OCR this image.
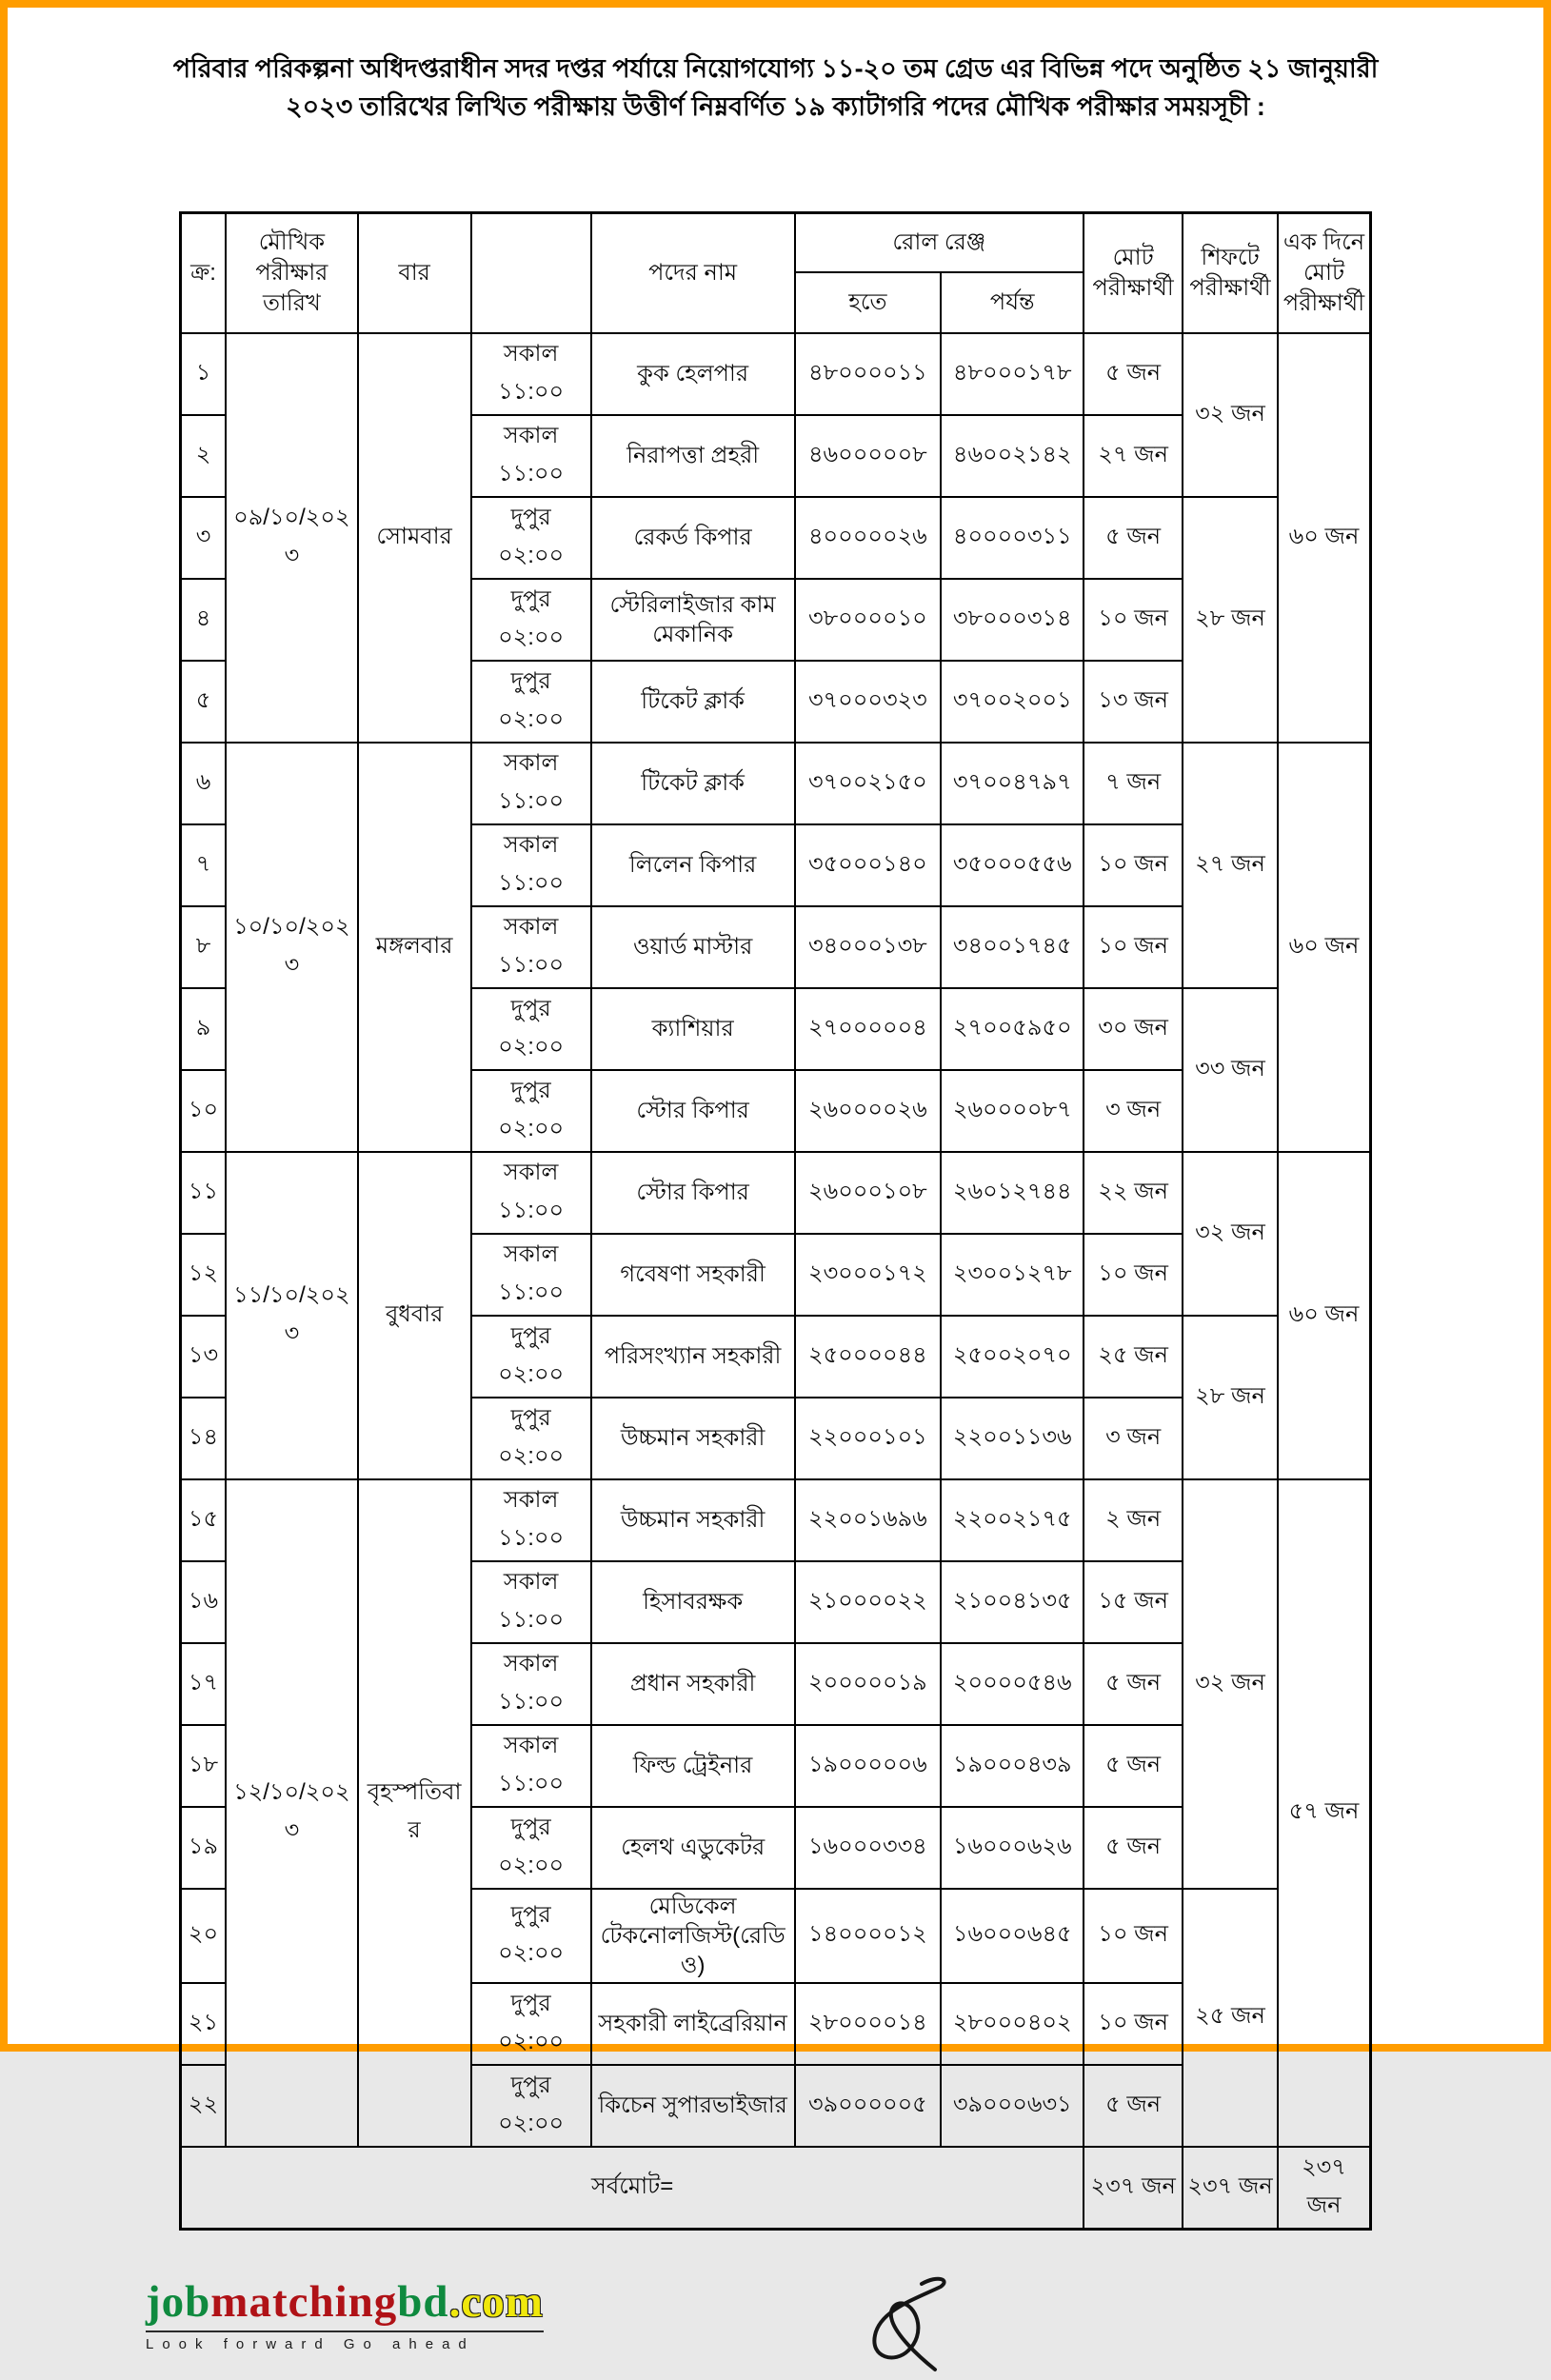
পরিবার পরিকল্পনা অধিদপ্তরাধীন সদর দপ্তর পর্যায়ে নিয়োগযোগ্য ১১-২০ তম গ্রেড এর বিভিন্ন পদে অনুষ্ঠিত ২১ জানুয়ারী
২০২৩ তারিখের লিখিত পরীক্ষায় উত্তীর্ণ নিম্নবর্ণিত ১৯ ক্যাটাগরি পদের মৌখিক পরীক্ষার সময়সূচী :
ক্র:	মৌখিক পরীক্ষার তারিখ	বার		পদের নাম	রোল রেঞ্জ		মোট পরীক্ষার্থী	শিফটে পরীক্ষার্থী	এক দিনে মোট পরীক্ষার্থী
					হতে	পর্যন্ত			
১	০৯/১০/২০২৩	সোমবার	সকাল ১১:০০	কুক হেলপার	৪৮০০০০১১	৪৮০০০১৭৮	৫ জন	৩২ জন	৬০ জন
২			সকাল ১১:০০	নিরাপত্তা প্রহরী	৪৬০০০০০৮	৪৬০০২১৪২	২৭ জন		
৩			দুপুর ০২:০০	রেকর্ড কিপার	৪০০০০০২৬	৪০০০০৩১১	৫ জন	২৮ জন	
৪			দুপুর ০২:০০	স্টেরিলাইজার কাম মেকানিক	৩৮০০০০১০	৩৮০০০৩১৪	১০ জন		
৫			দুপুর ০২:০০	টিকেট ক্লার্ক	৩৭০০০৩২৩	৩৭০০২০০১	১৩ জন		
৬	১০/১০/২০২৩	মঙ্গলবার	সকাল ১১:০০	টিকেট ক্লার্ক	৩৭০০২১৫০	৩৭০০৪৭৯৭	৭ জন	২৭ জন	৬০ জন
৭			সকাল ১১:০০	লিলেন কিপার	৩৫০০০১৪০	৩৫০০০৫৫৬	১০ জন		
৮			সকাল ১১:০০	ওয়ার্ড মাস্টার	৩৪০০০১৩৮	৩৪০০১৭৪৫	১০ জন		
৯			দুপুর ০২:০০	ক্যাশিয়ার	২৭০০০০০৪	২৭০০৫৯৫০	৩০ জন	৩৩ জন	
১০			দুপুর ০২:০০	স্টোর কিপার	২৬০০০০২৬	২৬০০০০৮৭	৩ জন		
১১	১১/১০/২০২৩	বুধবার	সকাল ১১:০০	স্টোর কিপার	২৬০০০১০৮	২৬০১২৭৪৪	২২ জন	৩২ জন	৬০ জন
১২			সকাল ১১:০০	গবেষণা সহকারী	২৩০০০১৭২	২৩০০১২৭৮	১০ জন		
১৩			দুপুর ০২:০০	পরিসংখ্যান সহকারী	২৫০০০০৪৪	২৫০০২০৭০	২৫ জন	২৮ জন	
১৪			দুপুর ০২:০০	উচ্চমান সহকারী	২২০০০১০১	২২০০১১৩৬	৩ জন		
১৫	১২/১০/২০২৩	বৃহস্পতিবার	সকাল ১১:০০	উচ্চমান সহকারী	২২০০১৬৯৬	২২০০২১৭৫	২ জন	৩২ জন	৫৭ জন
১৬			সকাল ১১:০০	হিসাবরক্ষক	২১০০০০২২	২১০০৪১৩৫	১৫ জন		
১৭			সকাল ১১:০০	প্রধান সহকারী	২০০০০০১৯	২০০০০৫৪৬	৫ জন		
১৮			সকাল ১১:০০	ফিল্ড ট্রেইনার	১৯০০০০০৬	১৯০০০৪৩৯	৫ জন		
১৯			দুপুর ০২:০০	হেলথ এডুকেটর	১৬০০০৩৩৪	১৬০০০৬২৬	৫ জন		
২০			দুপুর ০২:০০	মেডিকেল টেকনোলজিস্ট(রেডিও)	১৪০০০০১২	১৬০০০৬৪৫	১০ জন	২৫ জন	
২১			দুপুর ০২:০০	সহকারী লাইব্রেরিয়ান	২৮০০০০১৪	২৮০০০৪০২	১০ জন		
২২			দুপুর ০২:০০	কিচেন সুপারভাইজার	৩৯০০০০০৫	৩৯০০০৬৩১	৫ জন		
সর্বমোট=							২৩৭ জন	২৩৭ জন	২৩৭ জন
jobmatchingbd.com
Look forward Go ahead
